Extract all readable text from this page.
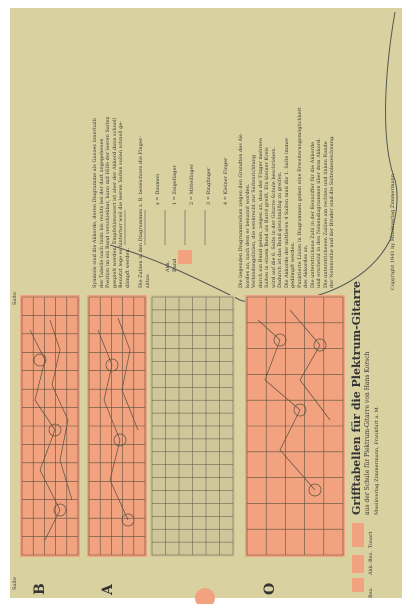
B	A	O
Saite
Saite
Grifftabellen für die Plektrum-Gitarre aus der Schule für Plektrum-Gitarre von Hans Korsch Musikverlag Zimmermann, Frankfurt a. M.
Copyright 1941 by Musikverlag Zimmermann
Tonart
Akk.-Bez.
Bez.
x = Daumen 1 = Zeigefinger 2 = Mittelfinger 3 = Ringfinger 4 = Kleiner Finger
Akk. Bund
Symbole sind die Akkorde, deren Diagramme als Ganzes innerhalb der Tabelle nach links bis rechts bei der dort angegebenen Position im ein Bund verschiebbar, kann mit Hilfe der leeren Saiten gespielt werden. Empfehlenswert ist aber der Akkord dann schnell Benutzt lege es hinterher weil die leeren Saiten sollen schnell ge- dämpft werden. Die Zahlen in den Diagrammen z. B. bezeichnen die Finger- sätze.	Die liegenden Diagrammreihen zeigen den Grundton des Ak- kordes an, nach dem er benannt worden. Verbindungslinien, die senkrecht zur Saitenrichtung durch ein Bund gehen, zeigen an, dass der Finger mehrere Saiten in einem Bund als Barré greift. Ein kleiner Kreis wird auf die 6. Saite in der Gitarre-Schule beschrieben. Dadurch ist das Bund gleichmäßig zu greifen. Die Akkorde der mittleren 4 Saiten muß die 1. Saite immer gedämpft werden. Punktierte Linien in Diagrammen geben eine Erweiterungsmöglichkeit des Akkordes an. Die unterstrichene Zahl in der Kennziffer für die Akkorde und erscheint in den Nebendiagrammen über dem Akkord. Die unterstrichenen Zahlen am rechten und linken Rande der Notenreihe und der Bruder sind die Saitenbezeichnung.
